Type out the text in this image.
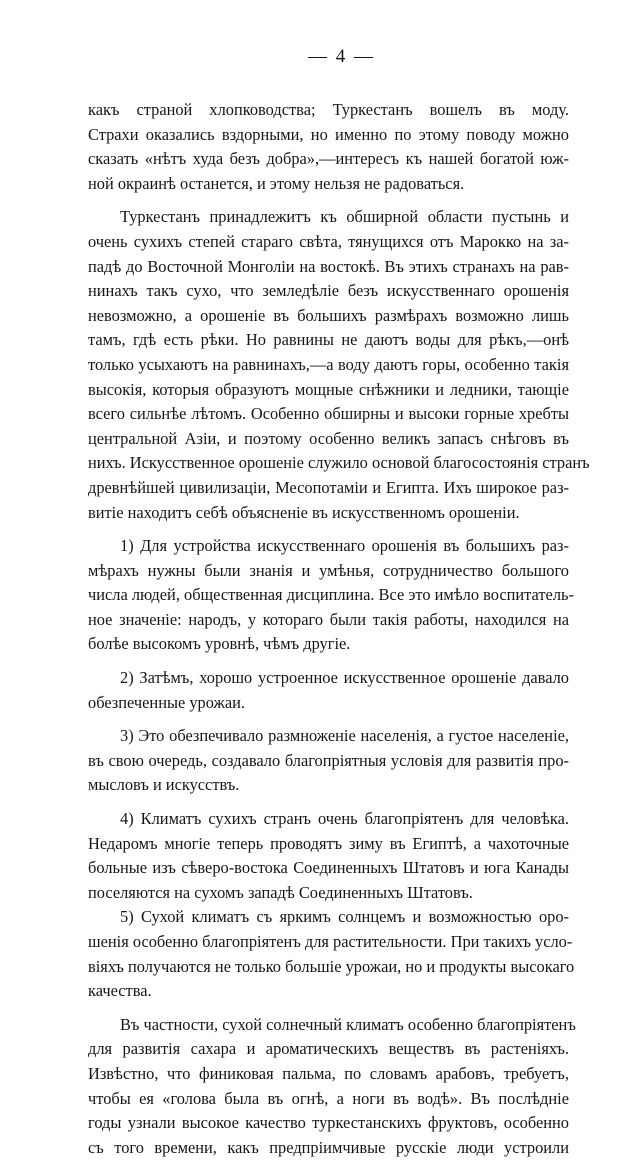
— 4 —
какъ страной хлопководства; Туркестанъ вошелъ въ моду.
Страхи оказались вздорными, но именно по этому поводу можно
сказать «нѣтъ худа безъ добра»,—интересъ къ нашей богатой юж-
ной окраинѣ останется, и этому нельзя не радоваться.
Туркестанъ принадлежитъ къ обширной области пустынь и
очень сухихъ степей стараго свѣта, тянущихся отъ Марокко на за-
падѣ до Восточной Монголіи на востокѣ. Въ этихъ странахъ на рав-
нинахъ такъ сухо, что земледѣліе безъ искусственнаго орошенія
невозможно, а орошеніе въ большихъ размѣрахъ возможно лишь
тамъ, гдѣ есть рѣки. Но равнины не даютъ воды для рѣкъ,—онѣ
только усыхаютъ на равнинахъ,—а воду даютъ горы, особенно такія
высокія, которыя образуютъ мощные снѣжники и ледники, тающіе
всего сильнѣе лѣтомъ. Особенно обширны и высоки горные хребты
центральной Азіи, и поэтому особенно великъ запасъ снѣговъ въ
нихъ. Искусственное орошеніе служило основой благосостоянія странъ
древнѣйшей цивилизаціи, Месопотаміи и Египта. Ихъ широкое раз-
витіе находитъ себѣ объясненіе въ искусственномъ орошеніи.
1) Для устройства искусственнаго орошенія въ большихъ раз-
мѣрахъ нужны были знанія и умѣнья, сотрудничество большого
числа людей, общественная дисциплина. Все это имѣло воспитатель-
ное значеніе: народъ, у котораго были такія работы, находился на
болѣе высокомъ уровнѣ, чѣмъ другіе.
2) Затѣмъ, хорошо устроенное искусственное орошеніе давало
обезпеченные урожаи.
3) Это обезпечивало размноженіе населенія, а густое населеніе,
въ свою очередь, создавало благопріятныя условія для развитія про-
мысловъ и искусствъ.
4) Климатъ сухихъ странъ очень благопріятенъ для человѣка.
Недаромъ многіе теперь проводятъ зиму въ Египтѣ, а чахоточные
больные изъ сѣверо-востока Соединенныхъ Штатовъ и юга Канады
поселяются на сухомъ западѣ Соединенныхъ Штатовъ.
5) Сухой климатъ съ яркимъ солнцемъ и возможностью оро-
шенія особенно благопріятенъ для растительности. При такихъ усло-
віяхъ получаются не только большіе урожаи, но и продукты высокаго
качества.
Въ частности, сухой солнечный климатъ особенно благопріятенъ
для развитія сахара и ароматическихъ веществъ въ растеніяхъ.
Извѣстно, что финиковая пальма, по словамъ арабовъ, требуетъ,
чтобы ея «голова была въ огнѣ, а ноги въ водѣ». Въ послѣдніе
годы узнали высокое качество туркестанскихъ фруктовъ, особенно
съ того времени, какъ предпріимчивые русскіе люди устроили
